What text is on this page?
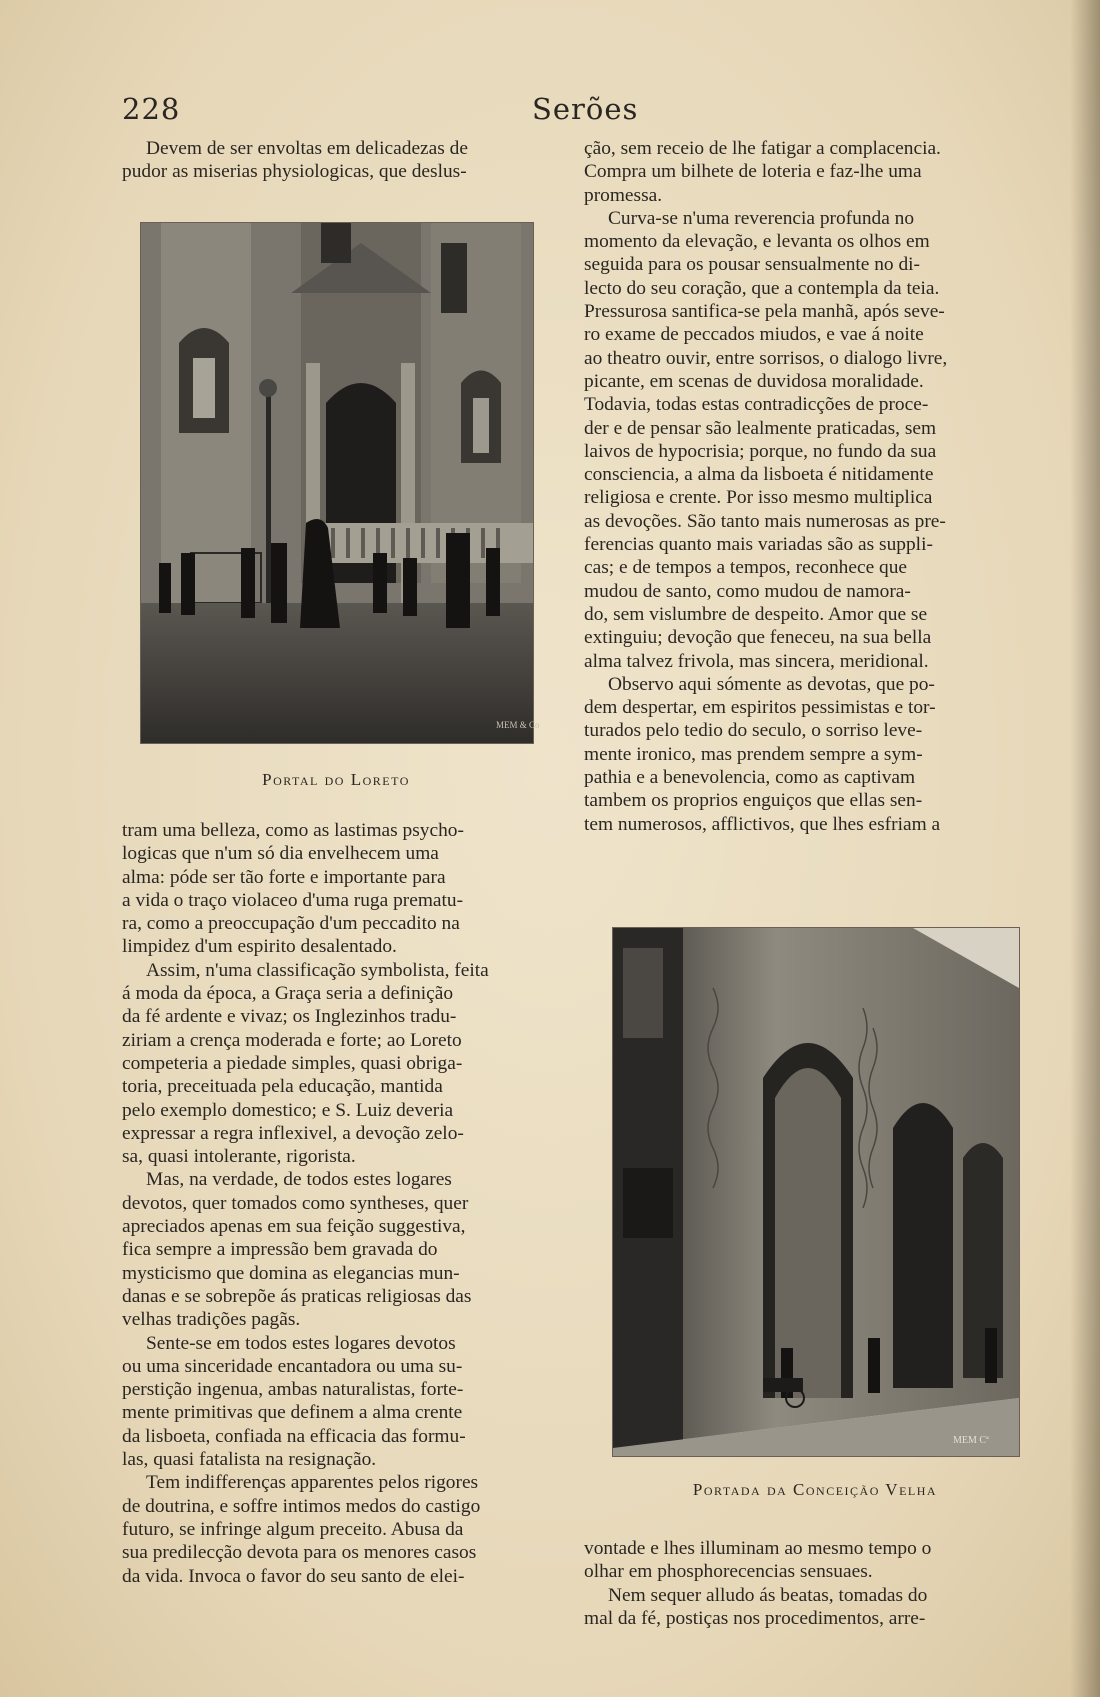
228	Serões

Devem de ser envoltas em delicadezas de

pudor as miserias physiologicas, que deslus-

MEM & Co
Portal do Loreto

tram uma belleza, como as lastimas psycho-

logicas que n'um só dia envelhecem uma

alma: póde ser tão forte e importante para

a vida o traço violaceo d'uma ruga prematu-

ra, como a preoccupação d'um peccadito na

limpidez d'um espirito desalentado.

Assim, n'uma classificação symbolista, feita

á moda da época, a Graça seria a definição

da fé ardente e vivaz; os Inglezinhos tradu-

ziriam a crença moderada e forte; ao Loreto

competeria a piedade simples, quasi obriga-

toria, preceituada pela educação, mantida

pelo exemplo domestico; e S. Luiz deveria

expressar a regra inflexivel, a devoção zelo-

sa, quasi intolerante, rigorista.

Mas, na verdade, de todos estes logares

devotos, quer tomados como syntheses, quer

apreciados apenas em sua feição suggestiva,

fica sempre a impressão bem gravada do

mysticismo que domina as elegancias mun-

danas e se sobrepõe ás praticas religiosas das

velhas tradições pagãs.

Sente-se em todos estes logares devotos

ou uma sinceridade encantadora ou uma su-

perstição ingenua, ambas naturalistas, forte-

mente primitivas que definem a alma crente

da lisboeta, confiada na efficacia das formu-

las, quasi fatalista na resignação.

Tem indifferenças apparentes pelos rigores

de doutrina, e soffre intimos medos do castigo

futuro, se infringe algum preceito. Abusa da

sua predilecção devota para os menores casos

da vida. Invoca o favor do seu santo de elei-

ção, sem receio de lhe fatigar a complacencia.

Compra um bilhete de loteria e faz-lhe uma

promessa.

Curva-se n'uma reverencia profunda no

momento da elevação, e levanta os olhos em

seguida para os pousar sensualmente no di-

lecto do seu coração, que a contempla da teia.

Pressurosa santifica-se pela manhã, após seve-

ro exame de peccados miudos, e vae á noite

ao theatro ouvir, entre sorrisos, o dialogo livre,

picante, em scenas de duvidosa moralidade.

Todavia, todas estas contradicções de proce-

der e de pensar são lealmente praticadas, sem

laivos de hypocrisia; porque, no fundo da sua

consciencia, a alma da lisboeta é nitidamente

religiosa e crente. Por isso mesmo multiplica

as devoções. São tanto mais numerosas as pre-

ferencias quanto mais variadas são as suppli-

cas; e de tempos a tempos, reconhece que

mudou de santo, como mudou de namora-

do, sem vislumbre de despeito. Amor que se

extinguiu; devoção que feneceu, na sua bella

alma talvez frivola, mas sincera, meridional.

Observo aqui sómente as devotas, que po-

dem despertar, em espiritos pessimistas e tor-

turados pelo tedio do seculo, o sorriso leve-

mente ironico, mas prendem sempre a sym-

pathia e a benevolencia, como as captivam

tambem os proprios enguiços que ellas sen-

tem numerosos, afflictivos, que lhes esfriam a

MEM Cª
Portada da Conceição Velha

vontade e lhes illuminam ao mesmo tempo o

olhar em phosphorecencias sensuaes.

Nem sequer alludo ás beatas, tomadas do

mal da fé, postiças nos procedimentos, arre-
